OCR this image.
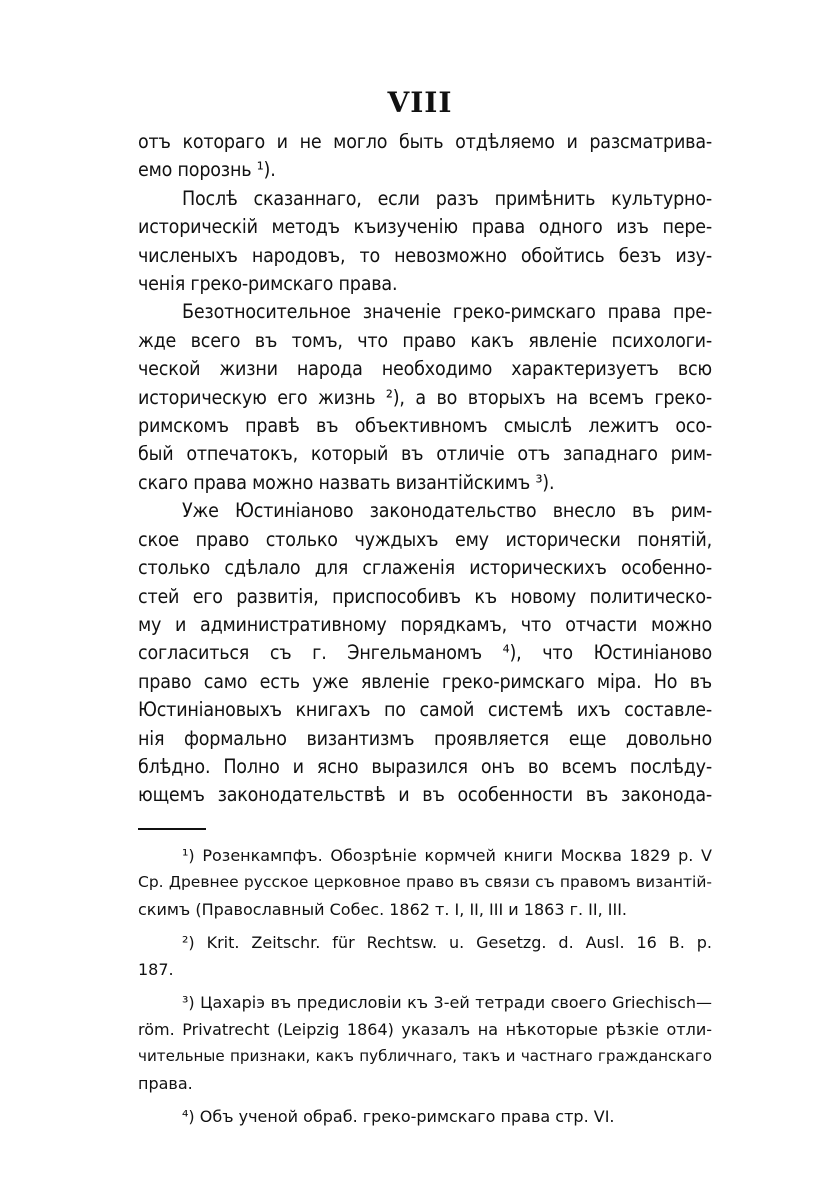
VIII

отъ котораго и не могло быть отдѣляемо и разсматрива-
емо порознь ¹).

Послѣ сказаннаго, если разъ примѣнить культурно-
историческій методъ къизученію права одного изъ пере-
численыхъ народовъ, то невозможно обойтись безъ изу-
ченія греко-римскаго права.

Безотносительное значеніе греко-римскаго права пре-
жде всего въ томъ, что право какъ явленіе психологи-
ческой жизни народа необходимо характеризуетъ всю
историческую его жизнь ²), а во вторыхъ на всемъ греко-
римскомъ правѣ въ объективномъ смыслѣ лежитъ осо-
бый отпечатокъ, который въ отличіе отъ западнаго рим-
скаго права можно назвать византійскимъ ³).

Уже Юстиніаново законодательство внесло въ рим-
ское право столько чуждыхъ ему исторически понятій,
столько сдѣлало для сглаженія историческихъ особенно-
стей его развитія, приспособивъ къ новому политическо-
му и административному порядкамъ, что отчасти можно
согласиться съ г. Энгельманомъ ⁴), что Юстиніаново
право само есть уже явленіе греко-римскаго міра. Но въ
Юстиніановыхъ книгахъ по самой системѣ ихъ составле-
нія формально византизмъ проявляется еще довольно
блѣдно. Полно и ясно выразился онъ во всемъ послѣду-
ющемъ законодательствѣ и въ особенности въ законода-

¹) Розенкампфъ. Обозрѣніе кормчей книги Москва 1829 р. V
Ср. Древнее русское церковное право въ связи съ правомъ византій-
скимъ (Православный Собес. 1862 т. I, II, III и 1863 г. II, III.

²) Krit. Zeitschr. für Rechtsw. u. Gesetzg. d. Ausl. 16 B. p.
187.

³) Цахаріэ въ предисловіи къ 3-ей тетради своего Griechisch—
röm. Privatrecht (Leipzig 1864) указалъ на нѣкоторые рѣзкіе отли-
чительные признаки, какъ публичнаго, такъ и частнаго гражданскаго
права.

⁴) Объ ученой обраб. греко-римскаго права стр. VI.
